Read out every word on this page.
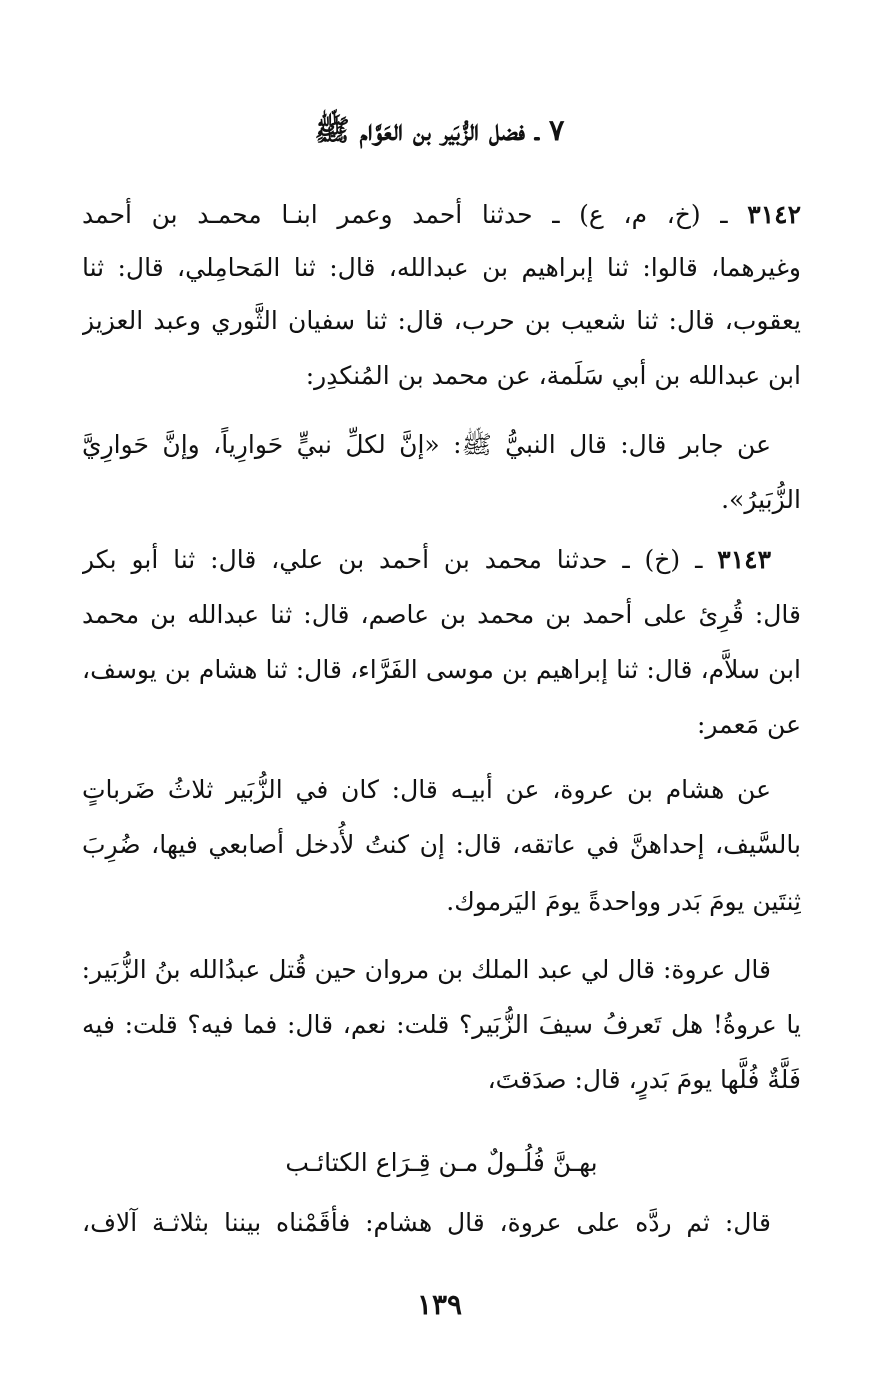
٧ ـ فضل الزُّبَير بن العَوَّام ﷺ
٣١٤٢ ـ (خ، م، ع) ـ حدثنا أحمد وعمر ابنـا محمـد بن أحمد
وغيرهما، قالوا: ثنا إبراهيم بن عبدالله، قال: ثنا المَحامِلي، قال: ثنا
يعقوب، قال: ثنا شعيب بن حرب، قال: ثنا سفيان الثَّوري وعبد العزيز
ابن عبدالله بن أبي سَلَمة، عن محمد بن المُنكدِر:
عن جابر قال: قال النبيُّ ﷺ: «إنَّ لكلِّ نبيٍّ حَوارِياً، وإنَّ حَوارِيَّ
الزُّبَيرُ».
٣١٤٣ ـ (خ) ـ حدثنا محمد بن أحمد بن علي، قال: ثنا أبو بكر
قال: قُرِئ على أحمد بن محمد بن عاصم، قال: ثنا عبدالله بن محمد
ابن سلاَّم، قال: ثنا إبراهيم بن موسى الفَرَّاء، قال: ثنا هشام بن يوسف،
عن مَعمر:
عن هشام بن عروة، عن أبيـه قال: كان في الزُّبَير ثلاثُ ضَرباتٍ
بالسَّيف، إحداهنَّ في عاتقه، قال: إن كنتُ لأُدخل أصابعي فيها، ضُرِبَ
ثِنتَين يومَ بَدر وواحدةً يومَ اليَرموك.
قال عروة: قال لي عبد الملك بن مروان حين قُتل عبدُالله بنُ الزُّبَير:
يا عروةُ! هل تَعرفُ سيفَ الزُّبَير؟ قلت: نعم، قال: فما فيه؟ قلت: فيه
فَلَّةٌ فُلَّها يومَ بَدرٍ، قال: صدَقتَ،
بهـنَّ فُلُـولٌ مـن قِـرَاع الكتائـب
قال: ثم ردَّه على عروة، قال هشام: فأقَمْناه بيننا بثلاثـة آلاف،
١٣٩
